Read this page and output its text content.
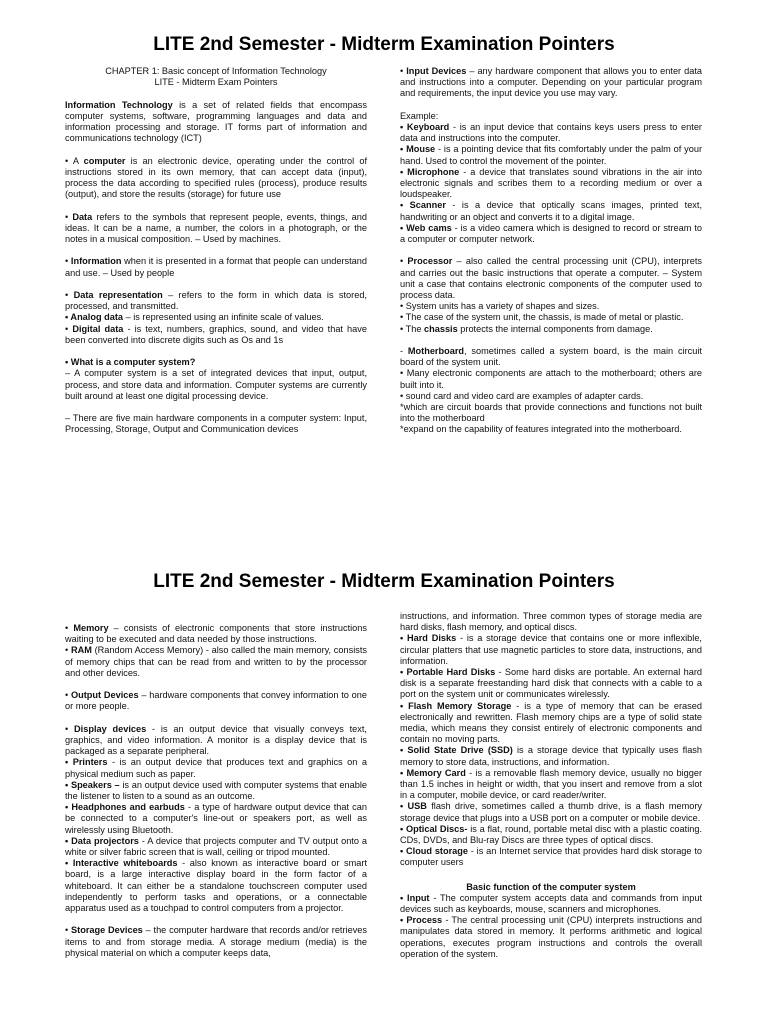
LITE 2nd Semester - Midterm Examination Pointers

CHAPTER 1: Basic concept of Information Technology

LITE - Midterm Exam Pointers

Information Technology is a set of related fields that encompass computer systems, software, programming languages and data and information processing and storage. IT forms part of information and communications technology (ICT)

• A computer is an electronic device, operating under the control of instructions stored in its own memory, that can accept data (input), process the data according to specified rules (process), produce results (output), and store the results (storage) for future use

• Data refers to the symbols that represent people, events, things, and ideas. It can be a name, a number, the colors in a photograph, or the notes in a musical composition. – Used by machines.

• Information when it is presented in a format that people can understand and use. – Used by people

• Data representation – refers to the form in which data is stored, processed, and transmitted.

• Analog data – is represented using an infinite scale of values.

• Digital data - is text, numbers, graphics, sound, and video that have been converted into discrete digits such as Os and 1s

• What is a computer system?

– A computer system is a set of integrated devices that input, output, process, and store data and information. Computer systems are currently built around at least one digital processing device.

– There are five main hardware components in a computer system: Input, Processing, Storage, Output and Communication devices

• Input Devices – any hardware component that allows you to enter data and instructions into a computer. Depending on your particular program and requirements, the input device you use may vary.

Example:

• Keyboard - is an input device that contains keys users press to enter data and instructions into the computer.

• Mouse - is a pointing device that fits comfortably under the palm of your hand. Used to control the movement of the pointer.

• Microphone - a device that translates sound vibrations in the air into electronic signals and scribes them to a recording medium or over a loudspeaker.

• Scanner - is a device that optically scans images, printed text, handwriting or an object and converts it to a digital image.

• Web cams - is a video camera which is designed to record or stream to a computer or computer network.

• Processor – also called the central processing unit (CPU), interprets and carries out the basic instructions that operate a computer. – System unit a case that contains electronic components of the computer used to process data.

• System units has a variety of shapes and sizes.

• The case of the system unit, the chassis, is made of metal or plastic.

• The chassis protects the internal components from damage.

- Motherboard, sometimes called a system board, is the main circuit board of the system unit.

• Many electronic components are attach to the motherboard; others are built into it.

• sound card and video card are examples of adapter cards.

*which are circuit boards that provide connections and functions not built into the motherboard

*expand on the capability of features integrated into the motherboard.

LITE 2nd Semester - Midterm Examination Pointers

• Memory – consists of electronic components that store instructions waiting to be executed and data needed by those instructions.

• RAM (Random Access Memory) - also called the main memory, consists of memory chips that can be read from and written to by the processor and other devices.

• Output Devices – hardware components that convey information to one or more people.

• Display devices - is an output device that visually conveys text, graphics, and video information. A monitor is a display device that is packaged as a separate peripheral.

• Printers - is an output device that produces text and graphics on a physical medium such as paper.

• Speakers – is an output device used with computer systems that enable the listener to listen to a sound as an outcome.

• Headphones and earbuds - a type of hardware output device that can be connected to a computer's line-out or speakers port, as well as wirelessly using Bluetooth.

• Data projectors - A device that projects computer and TV output onto a white or silver fabric screen that is wall, ceiling or tripod mounted.

• Interactive whiteboards - also known as interactive board or smart board, is a large interactive display board in the form factor of a whiteboard. It can either be a standalone touchscreen computer used independently to perform tasks and operations, or a connectable apparatus used as a touchpad to control computers from a projector.

• Storage Devices – the computer hardware that records and/or retrieves items to and from storage media. A storage medium (media) is the physical material on which a computer keeps data,

instructions, and information. Three common types of storage media are hard disks, flash memory, and optical discs.

• Hard Disks - is a storage device that contains one or more inflexible, circular platters that use magnetic particles to store data, instructions, and information.

• Portable Hard Disks - Some hard disks are portable. An external hard disk is a separate freestanding hard disk that connects with a cable to a port on the system unit or communicates wirelessly.

• Flash Memory Storage - is a type of memory that can be erased electronically and rewritten. Flash memory chips are a type of solid state media, which means they consist entirely of electronic components and contain no moving parts.

• Solid State Drive (SSD) is a storage device that typically uses flash memory to store data, instructions, and information.

• Memory Card - is a removable flash memory device, usually no bigger than 1.5 inches in height or width, that you insert and remove from a slot in a computer, mobile device, or card reader/writer.

• USB flash drive, sometimes called a thumb drive, is a flash memory storage device that plugs into a USB port on a computer or mobile device.

• Optical Discs- is a flat, round, portable metal disc with a plastic coating. CDs, DVDs, and Blu-ray Discs are three types of optical discs.

• Cloud storage - is an Internet service that provides hard disk storage to computer users

Basic function of the computer system

• Input - The computer system accepts data and commands from input devices such as keyboards, mouse, scanners and microphones.

• Process - The central processing unit (CPU) interprets instructions and manipulates data stored in memory. It performs arithmetic and logical operations, executes program instructions and controls the overall operation of the system.
